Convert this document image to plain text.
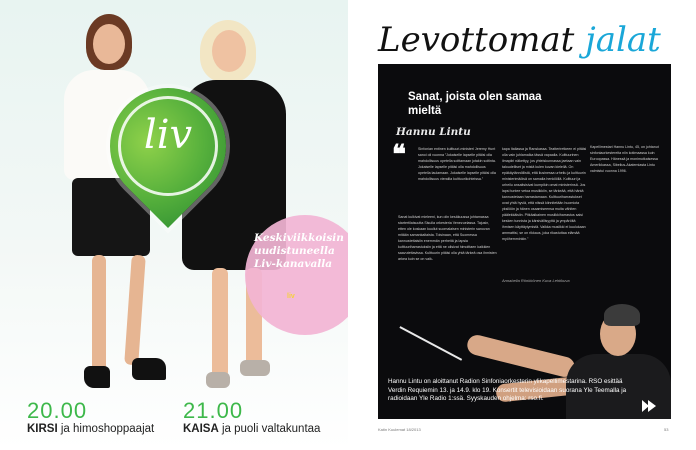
liv
Keskiviikkoisin uudistuneella Liv-kanavalla
liv
20.00
KIRSI ja himoshoppaajat
21.00
KAISA ja puoli valtakuntaa
Levottomat jalat
Sanat, joista olen samaa mieltä
Hannu Lintu
❝	Sinfonian entinen kulttuuri-ministeri Jeremy Hunt sanoi oli vuonna ”Jokaiselle lapselle pitäisi olla mahdollisuus opetella soittamaan jotakin soitinta. Jokaiselle lapselle pitäisi olla mahdollisuus opetella laulamaan. Jokaiselle lapselle pitäisi olla mahdollisuus vierailla kulttuurikohteissa.”
Sanat kulkivat mieleeni, kun olin kesäkuussa johtamassa startertilaisuutta Sisulla orkesteria Venezuelassa. Tajusin, etten ole koskaan kuullut suomalaisen ministerin sanovan mitään samankaltaista. Toisinaan, että Suomessa kannustettaisiin enemmän perheitä ja lapsia kulttuuriharrastuksiin ja että ne olisivat himoittaen kaikkien saavutettavissa. Kulttuurin pitäisi olla yhtä tärkeä osa ihmisten arkea kuin se on vaik-
kapa Italiassa ja Ranskassa. Teatteriretkeen ei pitäisi olla vain juhlamalka tässä vapaalla. Kulttuurinen ilmapiiri näkettyy, jos yhteiskunnassa jaetaan vain taloudelliset ja mistä kulen kuvan kielellä. On epäkäytännöllistä, että liusinessa urheilu ja kulttuurin ministerimäöisä on samalla henkilöllä. Kulttuuri ja urheilu ansaitsisivat kumpikin omat ministerinsä. Jos lapsi tuntee vetoa musiikkiin, se tärkeää, että häntä kannustetaan harrastamaan. Kulttuuriharrastukset ovat yhtä hyviä, että niissä kiinnitetään huomiota yksilöön ja hänen osaamiseensa muita vähiten päälekkäisiin. Pitkäaikainen musiikkiharrastus saisi kesken tunnista ja kärsivällisyyttä ja ympäröitä ihmisen käyttäytymistä. Vaikka musiikki ei kuulukaan ammattisi, se on rikkaus, joka rikastuttaa elämää myöhemminkin.”
Kapellimestari Hannu Lintu, 45, on johtanut sinfoniaorkestereita niin kotimaassa kuin Euroopassa. Hänessä ja monimutkaisessa Amerikkassa, Sibelius-Akatemiasta Lintu valmistui vuonna 1996.
Annabella Rönkkönen Kuva Lehtikuva
Hannu Lintu on aloittanut Radion Sinfoniaorkesterin ylikapellimestarina. RSO esittää Verdin Requiemin 13. ja 14.9. klo 19. Konsertit televisioidaan suorana Yle Teemalla ja radioidaan Yle Radio 1:ssä. Syyskauden ohjelma: rso.fi.
Katin Kuulemat 18/2013	53
